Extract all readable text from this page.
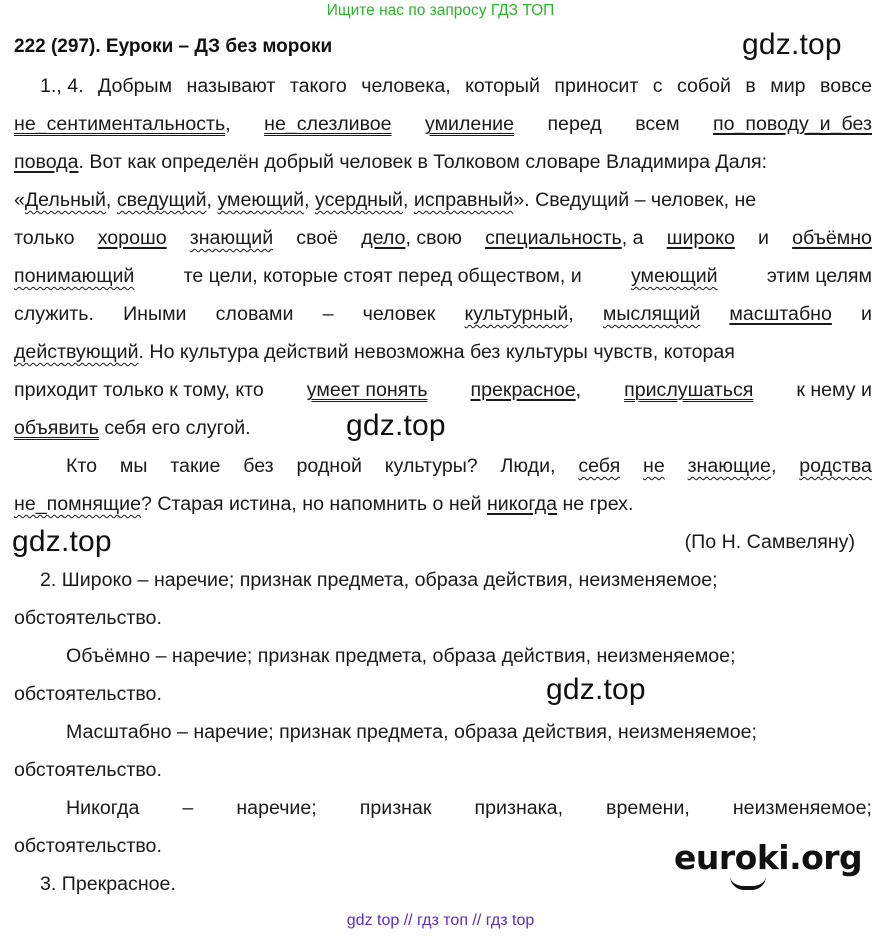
Ищите нас по запросу ГДЗ ТОП
222 (297). Еуроки – ДЗ без мороки	gdz.top
gdz.top
gdz.top
gdz.top
euroki.org
1., 4. Добрым называют такого человека, который приносит с собой в мир вовсе
не_сентиментальность, не_слезливое умиление перед всем по_поводу_и_без
повода. Вот как определён добрый человек в Толковом словаре Владимира Даля:
«Дельный, сведущий, умеющий, усердный, исправный». Сведущий – человек, не
только хорошо знающий своё дело, свою специальность, а широко и объёмно
понимающий	те цели, которые стоят перед обществом, и	умеющий	этим целям
служить. Иными словами – человек культурный, мыслящий масштабно и
действующий. Но культура действий невозможна без культуры чувств, которая
приходит только к тому, кто умеет понять прекрасное, прислушаться к нему и
объявить себя его слугой.
Кто мы такие без родной культуры? Люди, себя не знающие, родства
не_помнящие? Старая истина, но напомнить о ней никогда не грех.
(По Н. Самвеляну)
2. Широко – наречие; признак предмета, образа действия, неизменяемое;
обстоятельство.
Объёмно – наречие; признак предмета, образа действия, неизменяемое;
обстоятельство.
Масштабно – наречие; признак предмета, образа действия, неизменяемое;
обстоятельство.
Никогда – наречие; признак признака, времени, неизменяемое;
обстоятельство.
3. Прекрасное.
gdz top // гдз топ // гдз top
